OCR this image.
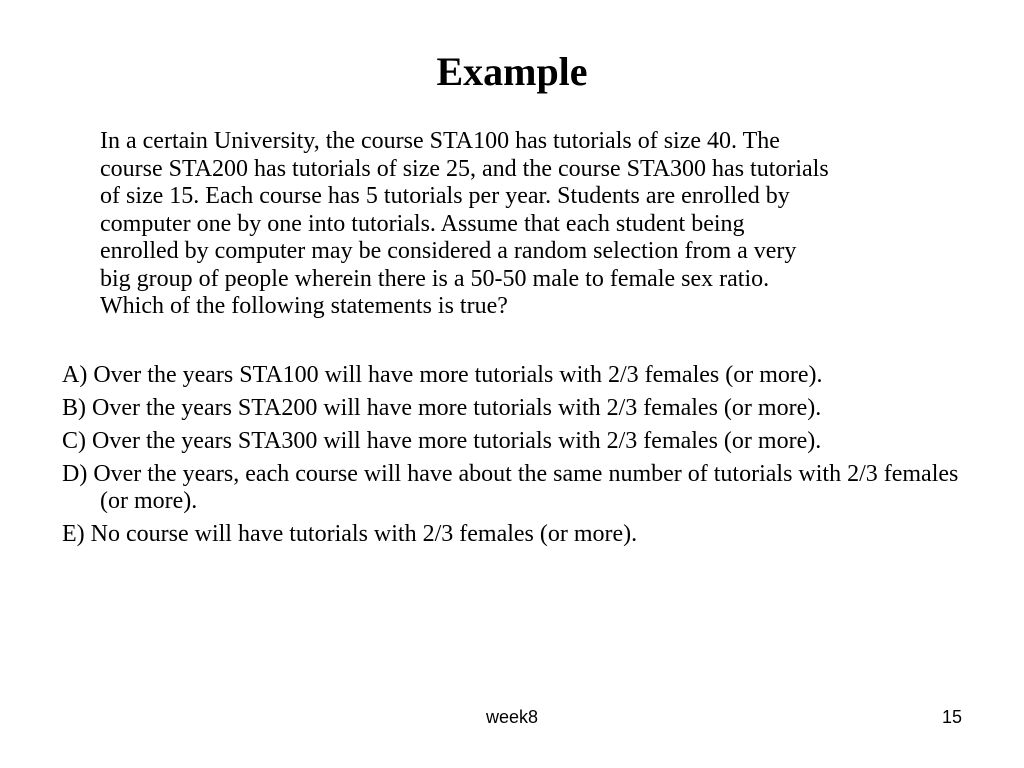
Example
In a certain University, the course STA100 has tutorials of size 40. The
course STA200 has tutorials of size 25, and the course STA300 has tutorials
of size 15. Each course has 5 tutorials per year. Students are enrolled by
computer one by one into tutorials. Assume that each student being
enrolled by computer may be considered a random selection from a very
big group of people wherein there is a 50-50 male to female sex ratio.
Which of the following statements is true?
A) Over the years STA100 will have more tutorials with 2/3 females (or more).
B) Over the years STA200 will have more tutorials with 2/3 females (or more).
C) Over the years STA300 will have more tutorials with 2/3 females (or more).
D) Over the years, each course will have about the same number of tutorials with 2/3 females (or more).
E) No course will have tutorials with 2/3 females (or more).
week8	15
